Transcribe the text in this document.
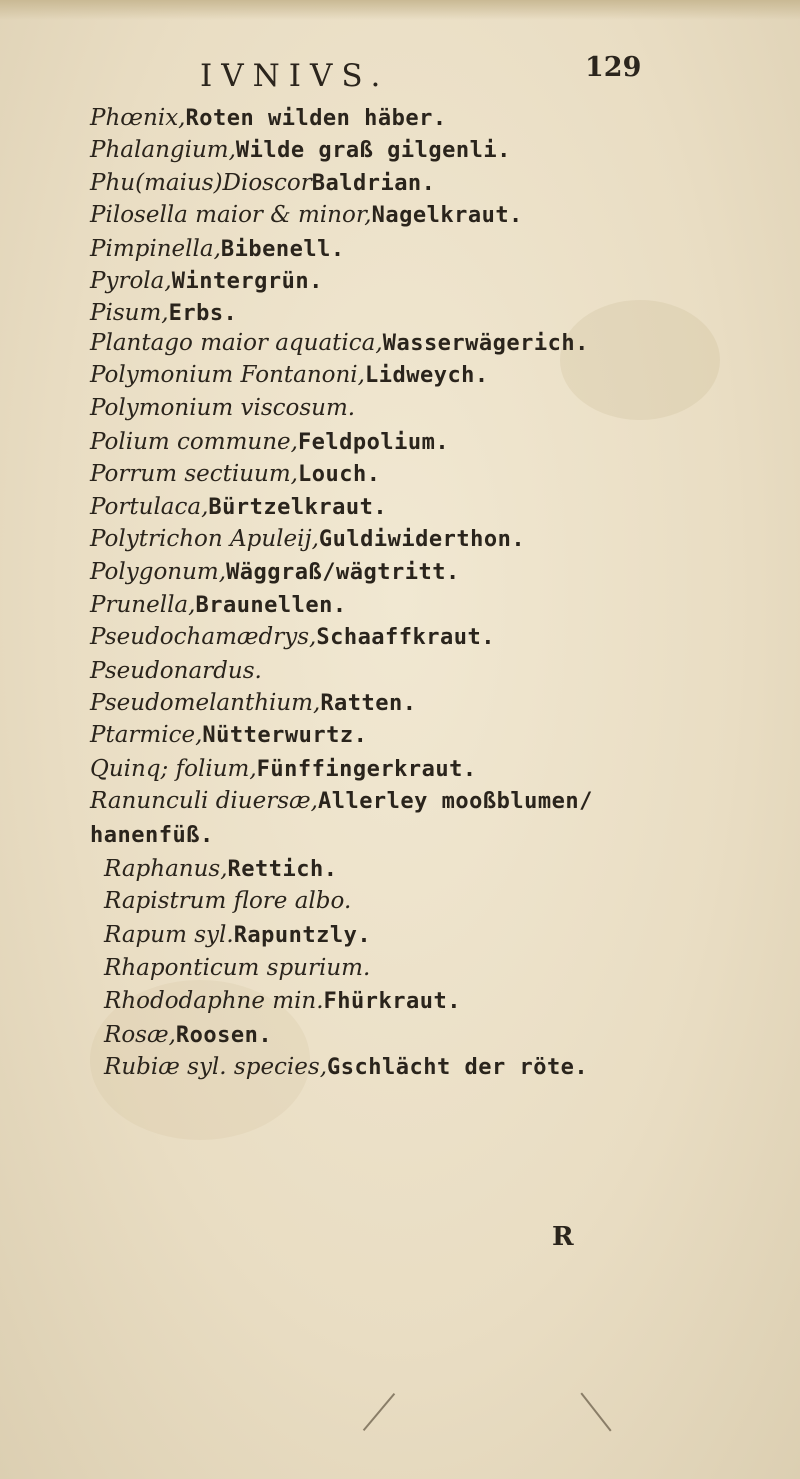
IVNIVS.	129
Phœnix,Roten wilden häber.
Phalangium,Wilde graß gilgenli.
Phu(maius)DioscorBaldrian.
Pilosella maior & minor,Nagelkraut.
Pimpinella,Bibenell.
Pyrola,Wintergrün.
Pisum,Erbs.
Plantago maior aquatica,Wasserwägerich.
Polymonium Fontanoni,Lidweych.
Polymonium viscosum.
Polium commune,Feldpolium.
Porrum sectiuum,Louch.
Portulaca,Bürtzelkraut.
Polytrichon Apuleij,Guldiwiderthon.
Polygonum,Wäggraß/wägtritt.
Prunella,Braunellen.
Pseudochamædrys,Schaaffkraut.
Pseudonardus.
Pseudomelanthium,Ratten.
Ptarmice,Nütterwurtz.
Quinq; folium,Fünffingerkraut.
Ranunculi diuersæ,Allerley mooßblumen/
hanenfüß.
Raphanus,Rettich.
Rapistrum flore albo.
Rapum syl.Rapuntzly.
Rhaponticum spurium.
Rhododaphne min.Fhürkraut.
Rosæ,Roosen.
Rubiæ syl. species,Gschlächt der röte.
R
